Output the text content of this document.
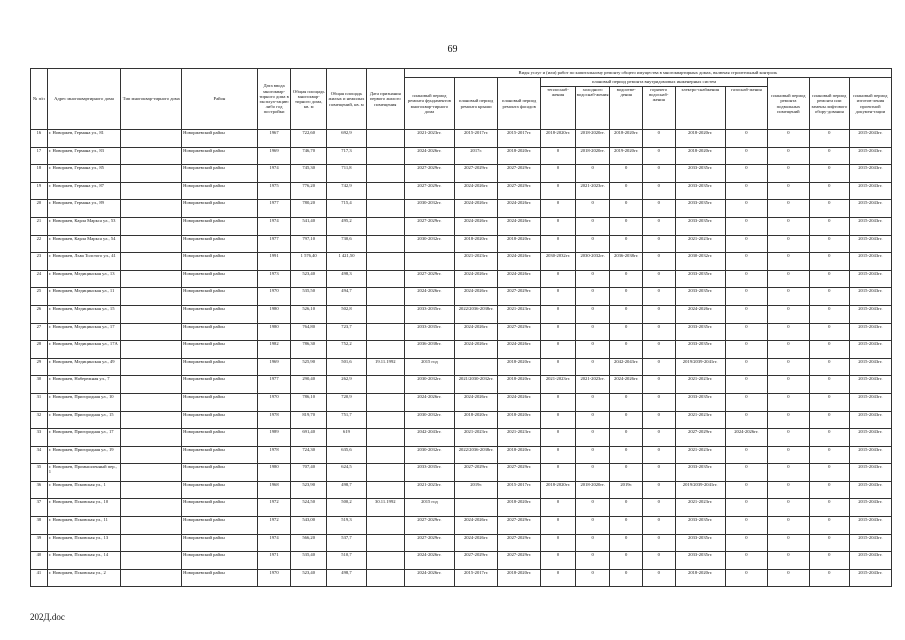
69
№ п/п	Адрес многоквартирного дома	Тип многоквар-тирного дома	Район	Дата ввода многоквар-тирного дома в эксплуа-тацию либо год постройки	Общая площадь многоквар-тирного дома, кв. м	Общая площадь жилых и нежилых помещений, кв. м	Дата признания первого жилого помещения	Виды услуг и (или) работ по капитальному ремонту общего имущества в многоквартирных домах, включая строительный контроль											
								плановый период ремонта фундаментов многоквар-тирного дома	плановый период ремонта крыши	плановый период ремонта фасадов	плановый период ремонта внутридомовых инженерных систем						плановый период ремонта подвальных помещений	плановый период ремонта или замены лифтового обору-дования	плановый период изготов-ления проектной докумен-тации
											теплоснаб-жения	холодного водоснаб-жения	водоотве-дения	горячего водоснаб-жения	электро-снабжения	газоснаб-жения			
16	г. Новоржев, Германа ул., 81		Новоржевский район	1967	722,60	692,9		2021-2023гг.	2015-2017гг.	2015-2017гг.	2018-2020гг.	2018-2020гг.	2018-2020гг.	0	2018-2020гг.	0	0	0	2015-2043гг.
17	г. Новоржев, Германа ул., 83		Новоржевский район	1969	746,70	717,3		2024-2026гг.	2017г.	2018-2020гг.	0	2018-2020гг.	2019-2020гг.	0	2018-2020гг.	0	0	0	2015-2043гг.
18	г. Новоржев, Германа ул., 85		Новоржевский район	1974	745,30	711,8		2027-2029гг.	2027-2029гг.	2027-2029гг.	0	0	0	0	2033-2035гг.	0	0	0	2015-2043гг.
19	г. Новоржев, Германа ул., 87		Новоржевский район	1975	776,20	742,9		2027-2029гг.	2024-2026гг.	2027-2029гг.	0	2021-2023гг.	0	0	2033-2035гг.	0	0	0	2015-2043гг.
20	г. Новоржев, Германа ул., 89		Новоржевский район	1977	780,20	715,4		2030-2032гг.	2024-2026гг.	2024-2026гг.	0	0	0	0	2033-2035гг.	0	0	0	2015-2043гг.
21	г. Новоржев, Карла Маркса ул., 53		Новоржевский район	1974	541,40	495,2		2027-2029гг.	2024-2026гг.	2024-2026гг.	0	0	0	0	2033-2035гг.	0	0	0	2015-2043гг.
22	г. Новоржев, Карла Маркса ул., 54		Новоржевский район	1977	797,10	730,6		2030-2032гг.	2018-2020гг.	2018-2020гг.	0	0	0	0	2021-2023гг.	0	0	0	2015-2043гг.
23	г. Новоржев, Льва Толстого ул., 41		Новоржевский район	1991	1 576,40	1 421,50			2021-2023гг.	2024-2026гг.	2030-2032гг.	2030-2032гг.	2036-2038гг.	0	2030-2032гг.	0	0	0	2015-2043гг.
24	г. Новоржев, Медицинская ул., 13		Новоржевский район	1973	523,40	498,3		2027-2029гг.	2024-2026гг.	2024-2026гг.	0	0	0	0	2033-2035гг.	0	0	0	2015-2043гг.
25	г. Новоржев, Медицинская ул., 11		Новоржевский район	1970	535,50	494,7		2024-2026гг.	2024-2026гг.	2027-2029гг.	0	0	0	0	2033-2035гг.	0	0	0	2015-2043гг.
26	г. Новоржев, Медицинская ул., 15		Новоржевский район	1980	526,10	502,8		2033-2035гг.	2022/2036-2038гг.	2021-2023гг.	0	0	0	0	2024-2026гг.	0	0	0	2015-2043гг.
27	г. Новоржев, Медицинская ул., 17		Новоржевский район	1980	764,80	723,7		2033-2035гг.	2024-2026гг.	2027-2029гг.	0	0	0	0	2033-2035гг.	0	0	0	2015-2043гг.
28	г. Новоржев, Медицинская ул., 17А		Новоржевский район	1982	786,30	752,2		2036-2038гг.	2024-2026гг.	2024-2026гг.	0	0	0	0	2033-2035гг.	0	0	0	2015-2043гг.
29	г. Новоржев, Медицинская ул., 49		Новоржевский район	1969	525,90	501,6	19.11.1992	2015 год		2018-2020гг.	0	0	2042-2043гг.	0	2019/2039-2041гг.	0	0	0	2015-2043гг.
30	г. Новоржев, Набережная ул., 7		Новоржевский район	1977	290,40	262,9		2030-2032гг.	2021/2030-2032гг.	2018-2020гг.	2021-2023гг.	2021-2023гг.	2024-2026гг.	0	2021-2023гг.	0	0	0	2015-2043гг.
31	г. Новоржев, Пригородная ул., 10		Новоржевский район	1970	786,10	720,9		2024-2026гг.	2024-2026гг.	2024-2026гг.	0	0	0	0	2033-2035гг.	0	0	0	2015-2043гг.
32	г. Новоржев, Пригородная ул., 15		Новоржевский район	1978	819,70	751,7		2030-2032гг.	2018-2020гг.	2018-2020гг.	0	0	0	0	2021-2023гг.	0	0	0	2015-2043гг.
33	г. Новоржев, Пригородная ул., 17		Новоржевский район	1989	691,40	619		2042-2043гг.	2021-2023гг.	2021-2023гг.	0	0	0	0	2027-2029гг.	2024-2026гг.	0	0	2015-2043гг.
34	г. Новоржев, Пригородная ул., 19		Новоржевский район	1978	724,30	635,6		2030-2032гг.	2022/2036-2038гг.	2018-2020гг.	0	0	0	0	2021-2023гг.	0	0	0	2015-2043гг.
35	г. Новоржев, Промышленный пер., 1		Новоржевский район	1980	707,40	624,5		2033-2035гг.	2027-2029гг.	2027-2029гг.	0	0	0	0	2033-2035гг.	0	0	0	2015-2043гг.
36	г. Новоржев, Псковская ул., 1		Новоржевский район	1968	523,90	498,7		2021-2023гг.	2019г.	2015-2017гг.	2018-2020гг.	2018-2020гг.	2019г.	0	2019/2039-2041гг.	0	0	0	2015-2043гг.
37	г. Новоржев, Псковская ул., 10		Новоржевский район	1972	524,50	500,2	30.11.1992	2015 год		2018-2020гг.	0	0	0	0	2021-2023гг.	0	0	0	2015-2043гг.
38	г. Новоржев, Псковская ул., 11		Новоржевский район	1972	543,00	519,3		2027-2029гг.	2024-2026гг.	2027-2029гг.	0	0	0	0	2033-2035гг.	0	0	0	2015-2043гг.
39	г. Новоржев, Псковская ул., 13		Новоржевский район	1974	566,20	537,7		2027-2029гг.	2024-2026гг.	2027-2029гг.	0	0	0	0	2033-2035гг.	0	0	0	2015-2043гг.
40	г. Новоржев, Псковская ул., 14		Новоржевский район	1971	535,40	510,7		2024-2026гг.	2027-2029гг.	2027-2029гг.	0	0	0	0	2033-2035гг.	0	0	0	2015-2043гг.
41	г. Новоржев, Псковская ул., 2		Новоржевский район	1970	523,40	498,7		2024-2026гг.	2015-2017гг.	2018-2020гг.	0	0	0	0	2018-2020гг.	0	0	0	2015-2043гг.
202Д.doc
